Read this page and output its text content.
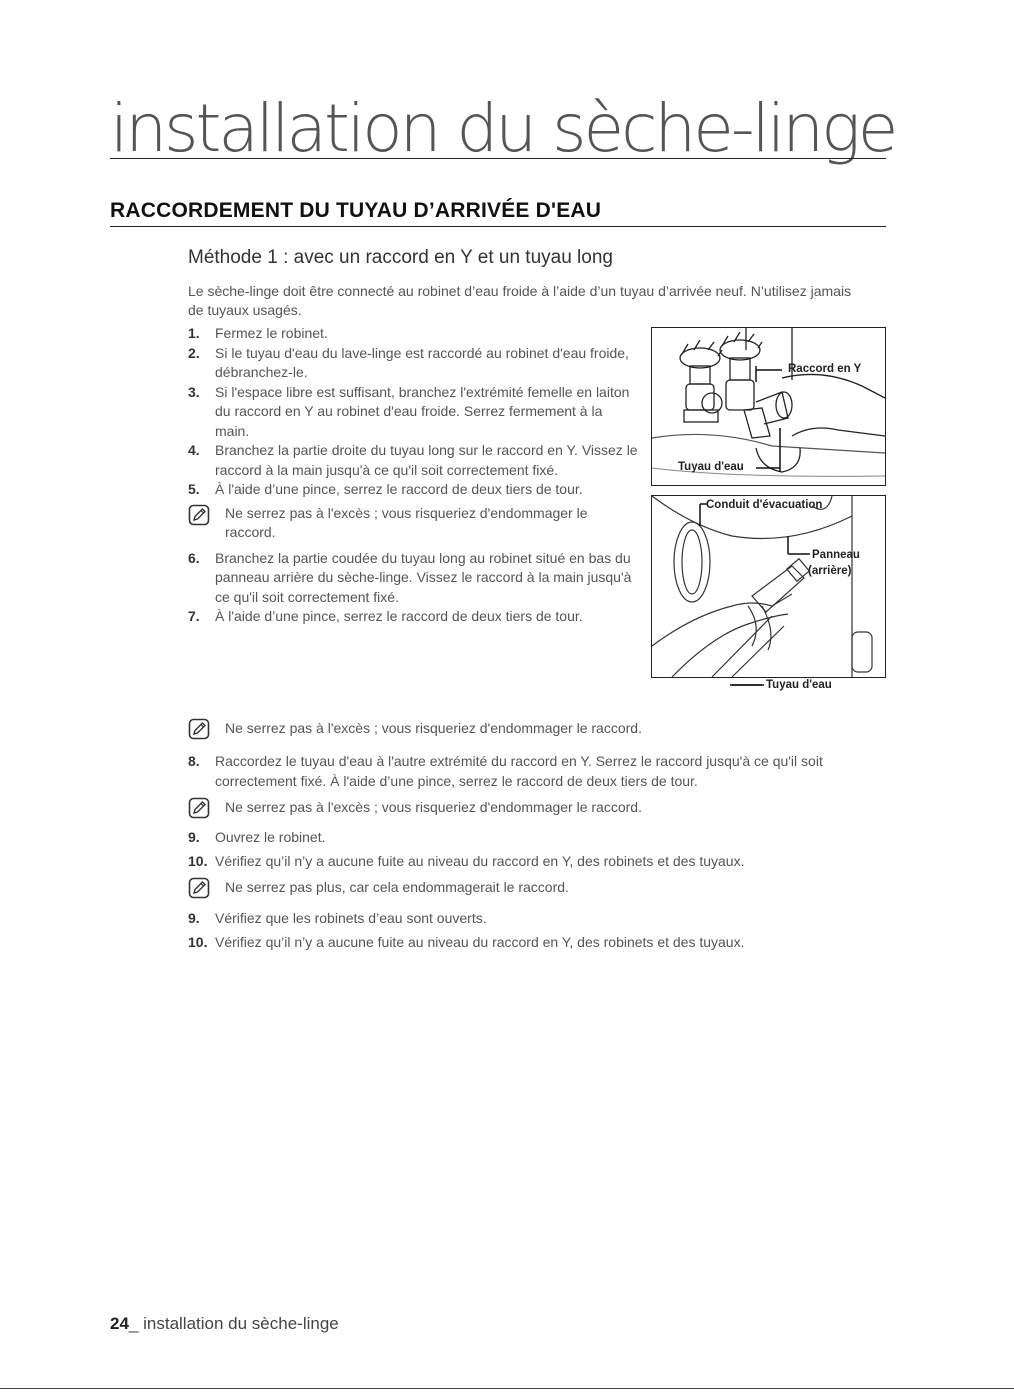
installation du sèche-linge
RACCORDEMENT DU TUYAU D’ARRIVÉE D'EAU
Méthode 1 : avec un raccord en Y et un tuyau long
Le sèche-linge doit être connecté au robinet d’eau froide à l’aide d’un tuyau d’arrivée neuf. N’utilisez jamais de tuyaux usagés.
1.	Fermez le robinet.
2.	Si le tuyau d'eau du lave-linge est raccordé au robinet d'eau froide, débranchez-le.
3.	Si l'espace libre est suffisant, branchez l'extrémité femelle en laiton du raccord en Y au robinet d'eau froide. Serrez fermement à la main.
4.	Branchez la partie droite du tuyau long sur le raccord en Y. Vissez le raccord à la main jusqu'à ce qu'il soit correctement fixé.
5.	À l'aide d’une pince, serrez le raccord de deux tiers de tour.
Ne serrez pas à l'excès ; vous risqueriez d'endommager le raccord.
6.	Branchez la partie coudée du tuyau long au robinet situé en bas du panneau arrière du sèche-linge. Vissez le raccord à la main jusqu'à ce qu'il soit correctement fixé.
7.	À l'aide d’une pince, serrez le raccord de deux tiers de tour.
Ne serrez pas à l'excès ; vous risqueriez d'endommager le raccord.
8.	Raccordez le tuyau d'eau à l'autre extrémité du raccord en Y. Serrez le raccord jusqu'à ce qu'il soit correctement fixé. À l'aide d’une pince, serrez le raccord de deux tiers de tour.
Ne serrez pas à l'excès ; vous risqueriez d'endommager le raccord.
9.	Ouvrez le robinet.
10. Vérifiez qu’il n’y a aucune fuite au niveau du raccord en Y, des robinets et des tuyaux.
Ne serrez pas plus, car cela endommagerait le raccord.
9.	Vérifiez que les robinets d’eau sont ouverts.
10. Vérifiez qu’il n’y a aucune fuite au niveau du raccord en Y, des robinets et des tuyaux.
Raccord en Y
Tuyau d'eau
Conduit d'évacuation
Panneau
(arrière)
Tuyau d'eau
24_ installation du sèche-linge
